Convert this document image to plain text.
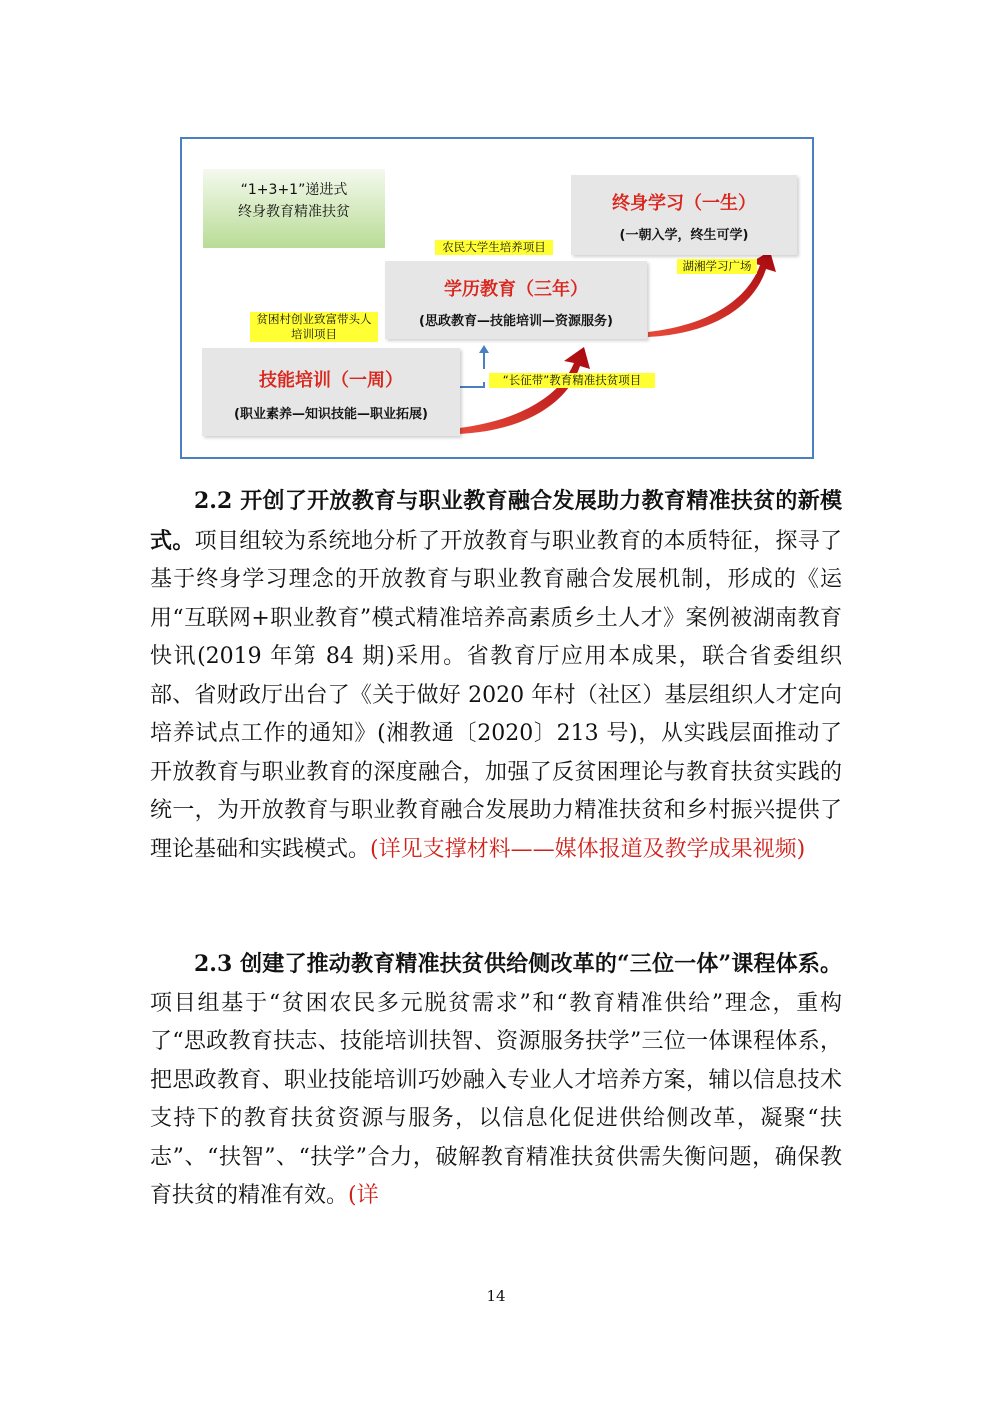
“1+3+1”递进式
终身教育精准扶贫	终身学习（一生）
(一朝入学，终生可学)
学历教育（三年）
(思政教育—技能培训—资源服务)
技能培训（一周）
(职业素养—知识技能—职业拓展)
农民大学生培养项目
湖湘学习广场
贫困村创业致富带头人
培训项目
“长征带”教育精准扶贫项目
2.2 开创了开放教育与职业教育融合发展助力教育精准扶贫的新模式。项目组较为系统地分析了开放教育与职业教育的本质特征，探寻了基于终身学习理念的开放教育与职业教育融合发展机制，形成的《运用“互联网+职业教育”模式精准培养高素质乡土人才》案例被湖南教育快讯(2019 年第 84 期)采用。省教育厅应用本成果，联合省委组织部、省财政厅出台了《关于做好 2020 年村（社区）基层组织人才定向培养试点工作的通知》(湘教通〔2020〕213 号)，从实践层面推动了开放教育与职业教育的深度融合，加强了反贫困理论与教育扶贫实践的统一，为开放教育与职业教育融合发展助力精准扶贫和乡村振兴提供了理论基础和实践模式。(详见支撑材料——媒体报道及教学成果视频)
2.3 创建了推动教育精准扶贫供给侧改革的“三位一体”课程体系。项目组基于“贫困农民多元脱贫需求”和“教育精准供给”理念，重构了“思政教育扶志、技能培训扶智、资源服务扶学”三位一体课程体系，把思政教育、职业技能培训巧妙融入专业人才培养方案，辅以信息技术支持下的教育扶贫资源与服务，以信息化促进供给侧改革，凝聚“扶志”、“扶智”、“扶学”合力，破解教育精准扶贫供需失衡问题，确保教育扶贫的精准有效。(详
14
